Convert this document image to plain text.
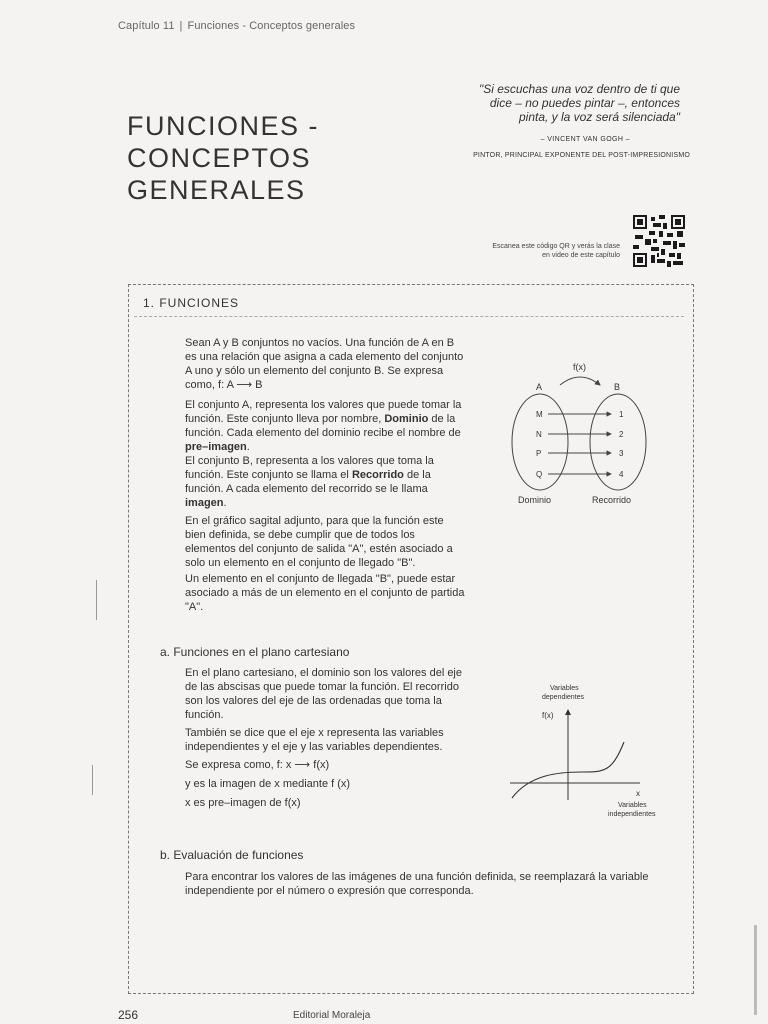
Capítulo 11 | Funciones - Conceptos generales
FUNCIONES -
CONCEPTOS
GENERALES
"Si escuchas una voz dentro de ti que dice – no puedes pintar –, entonces pinta, y la voz será silenciada"
– VINCENT VAN GOGH –
PINTOR, PRINCIPAL EXPONENTE DEL POST-IMPRESIONISMO
Escanea este código QR y verás la clase en video de este capítulo
1. FUNCIONES
Sean A y B conjuntos no vacíos. Una función de A en B es una relación que asigna a cada elemento del conjunto A uno y sólo un elemento del conjunto B. Se expresa como, f: A ⟶ B
El conjunto A, representa los valores que puede tomar la función. Este conjunto lleva por nombre, Dominio de la función. Cada elemento del dominio recibe el nombre de pre–imagen.
El conjunto B, representa a los valores que toma la función. Este conjunto se llama el Recorrido de la función. A cada elemento del recorrido se le llama imagen.
En el gráfico sagital adjunto, para que la función este bien definida, se debe cumplir que de todos los elementos del conjunto de salida "A", estén asociado a solo un elemento en el conjunto de llegado "B".
Un elemento en el conjunto de llegada "B", puede estar asociado a más de un elemento en el conjunto de partida "A".
f(x)
A	B
M
N
P
Q
1
2
3
4
Dominio	Recorrido
a. Funciones en el plano cartesiano
En el plano cartesiano, el dominio son los valores del eje de las abscisas que puede tomar la función. El recorrido son los valores del eje de las ordenadas que toma la función.
También se dice que el eje x representa las variables independientes y el eje y las variables dependientes.
Se expresa como, f: x ⟶ f(x)
y es la imagen de x mediante f (x)
x es pre–imagen de f(x)
Variables
dependientes
f(x)
x
Variables
independientes
b. Evaluación de funciones
Para encontrar los valores de las imágenes de una función definida, se reemplazará la variable independiente por el número o expresión que corresponda.
256	Editorial Moraleja
